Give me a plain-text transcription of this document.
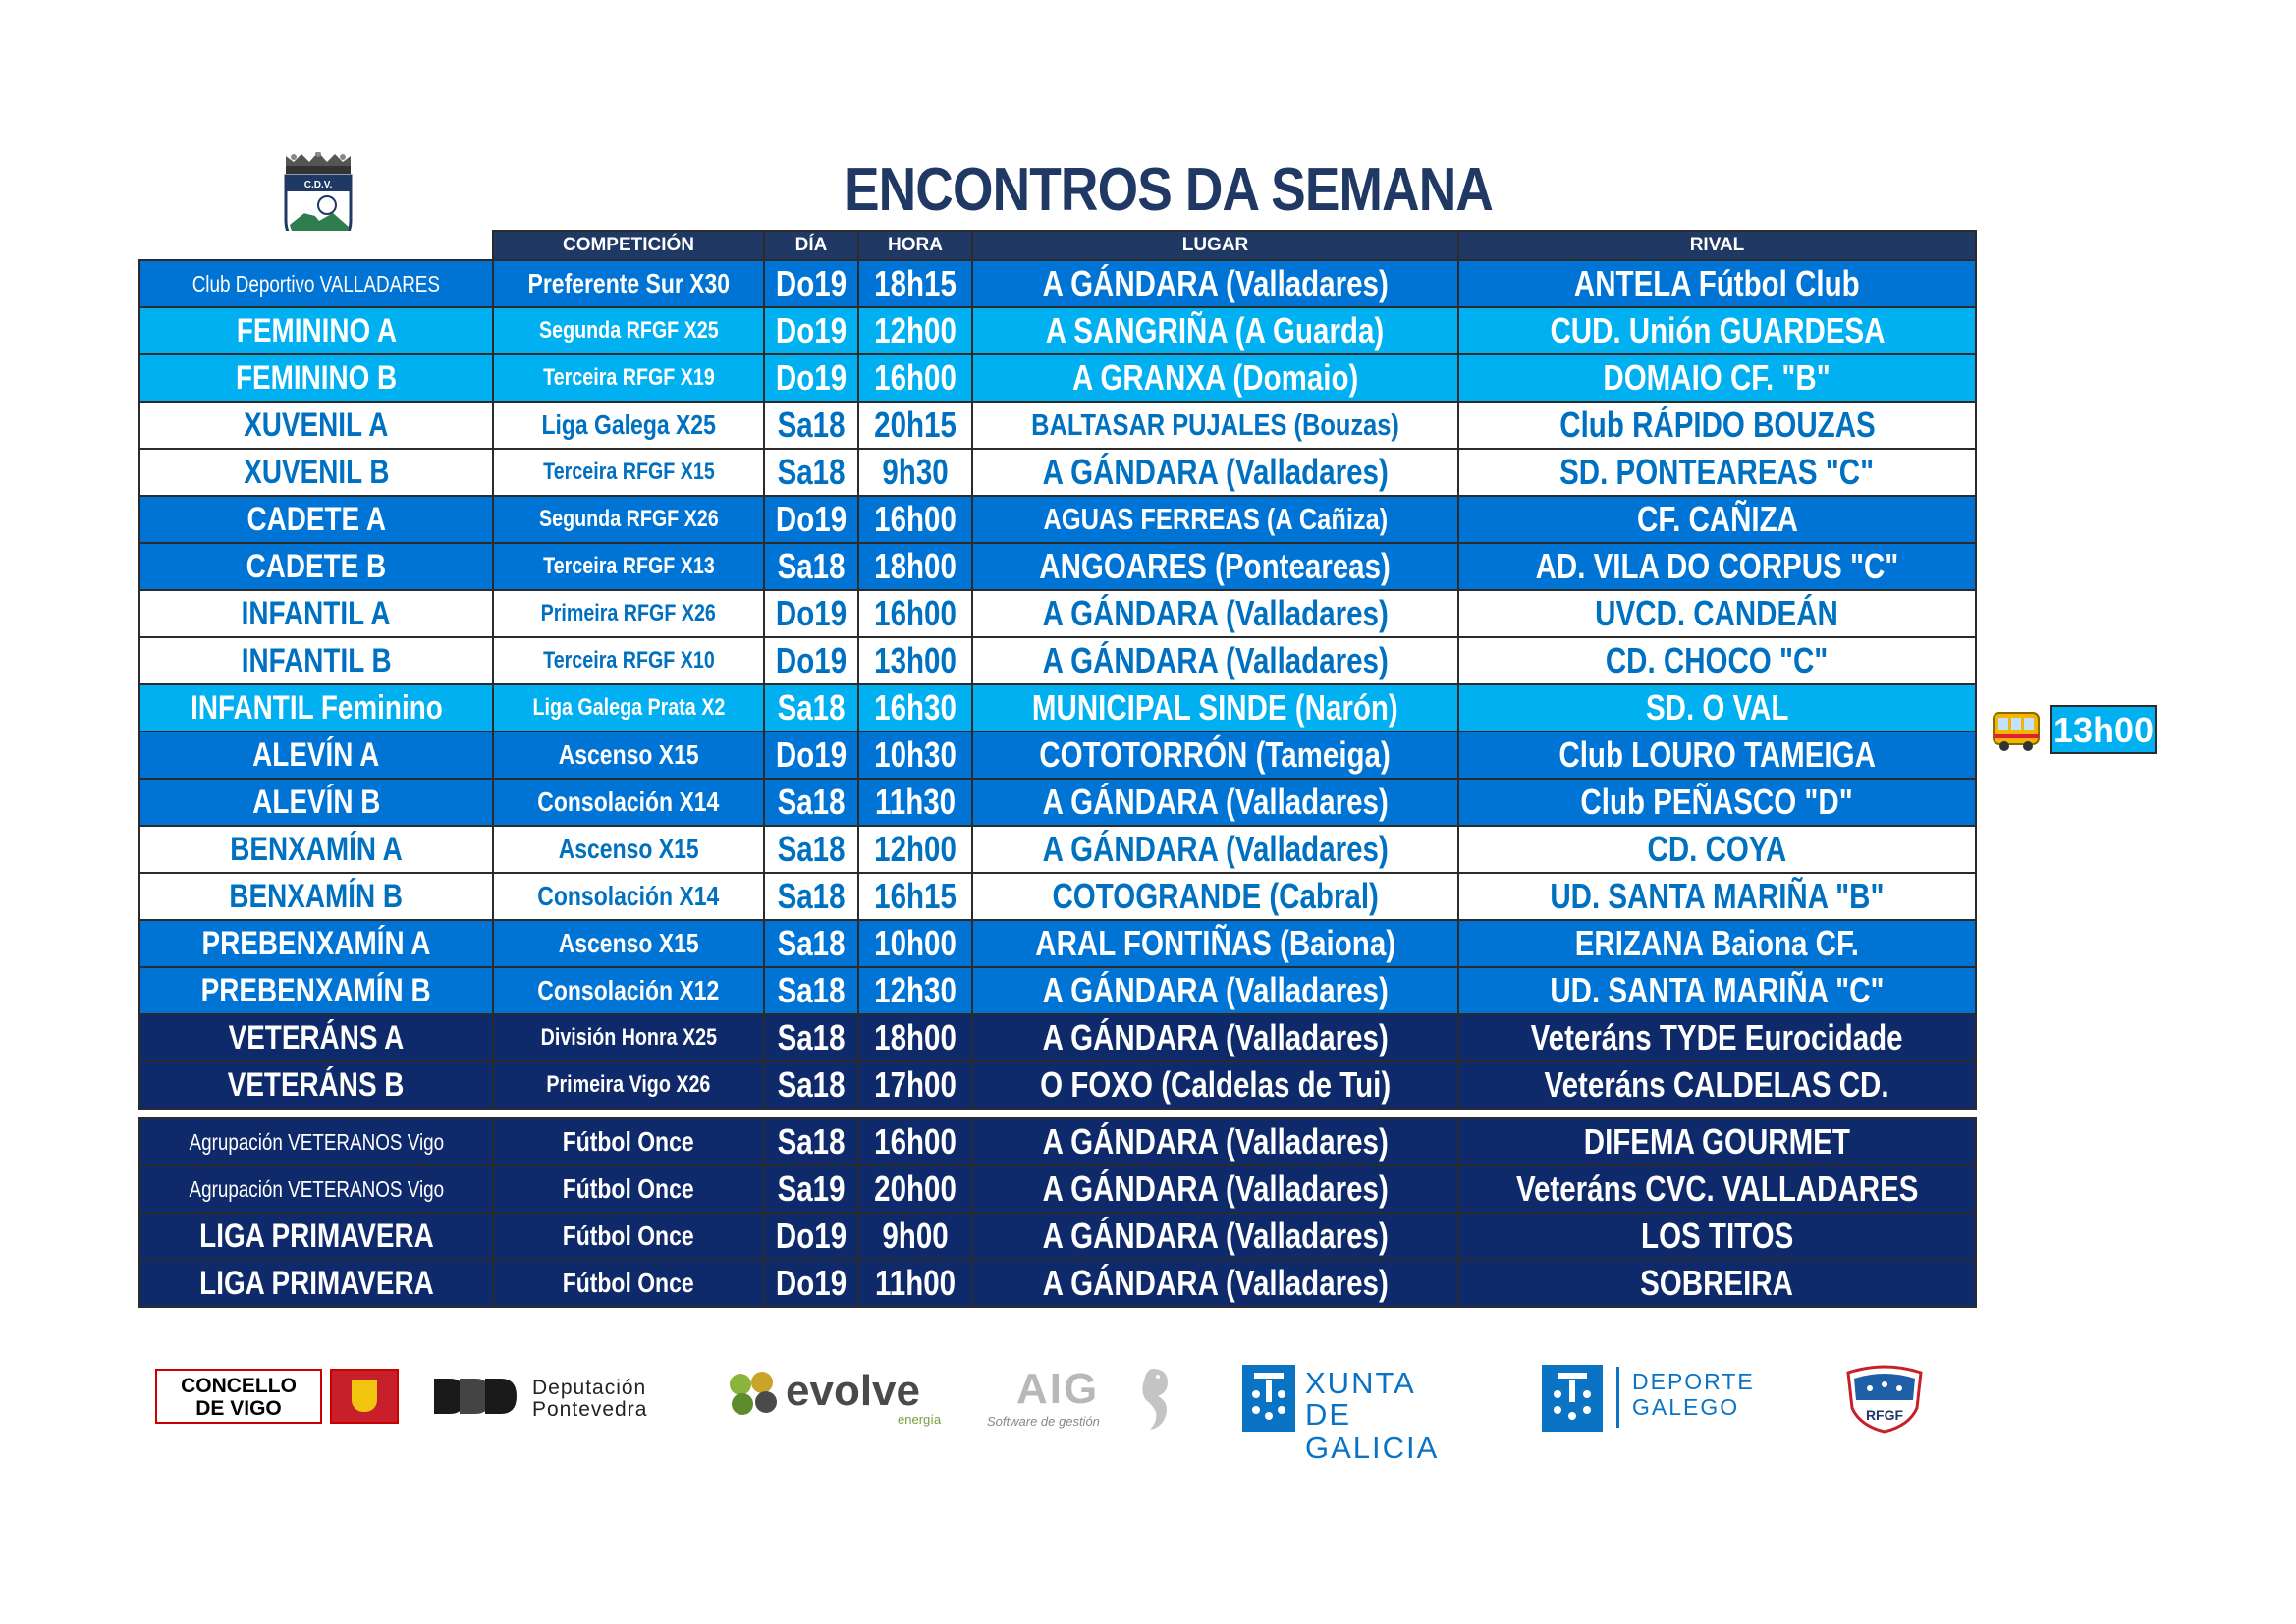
C.D.V.	ENCONTROS DA SEMANA
	COMPETICIÓN	DÍA	HORA	LUGAR	RIVAL
Club Deportivo VALLADARES	Preferente Sur X30	Do19	18h15	A GÁNDARA (Valladares)	ANTELA Fútbol Club
FEMININO A	Segunda RFGF X25	Do19	12h00	A SANGRIÑA (A Guarda)	CUD. Unión GUARDESA
FEMININO B	Terceira RFGF X19	Do19	16h00	A GRANXA (Domaio)	DOMAIO CF. "B"
XUVENIL A	Liga Galega X25	Sa18	20h15	BALTASAR PUJALES (Bouzas)	Club RÁPIDO BOUZAS
XUVENIL B	Terceira RFGF X15	Sa18	9h30	A GÁNDARA (Valladares)	SD. PONTEAREAS "C"
CADETE A	Segunda RFGF X26	Do19	16h00	AGUAS FERREAS (A Cañiza)	CF. CAÑIZA
CADETE B	Terceira RFGF X13	Sa18	18h00	ANGOARES (Ponteareas)	AD. VILA DO CORPUS "C"
INFANTIL A	Primeira RFGF X26	Do19	16h00	A GÁNDARA (Valladares)	UVCD. CANDEÁN
INFANTIL B	Terceira RFGF X10	Do19	13h00	A GÁNDARA (Valladares)	CD. CHOCO "C"
INFANTIL Feminino	Liga Galega Prata X2	Sa18	16h30	MUNICIPAL SINDE (Narón)	SD. O VAL
ALEVÍN A	Ascenso X15	Do19	10h30	COTOTORRÓN (Tameiga)	Club LOURO TAMEIGA
ALEVÍN B	Consolación X14	Sa18	11h30	A GÁNDARA (Valladares)	Club PEÑASCO "D"
BENXAMÍN A	Ascenso X15	Sa18	12h00	A GÁNDARA (Valladares)	CD. COYA
BENXAMÍN B	Consolación X14	Sa18	16h15	COTOGRANDE (Cabral)	UD. SANTA MARIÑA "B"
PREBENXAMÍN A	Ascenso X15	Sa18	10h00	ARAL FONTIÑAS (Baiona)	ERIZANA Baiona CF.
PREBENXAMÍN B	Consolación X12	Sa18	12h30	A GÁNDARA (Valladares)	UD. SANTA MARIÑA "C"
VETERÁNS A	División Honra X25	Sa18	18h00	A GÁNDARA (Valladares)	Veteráns TYDE Eurocidade
VETERÁNS B	Primeira Vigo X26	Sa18	17h00	O FOXO (Caldelas de Tui)	Veteráns CALDELAS CD.

Agrupación VETERANOS Vigo	Fútbol Once	Sa18	16h00	A GÁNDARA (Valladares)	DIFEMA GOURMET
Agrupación VETERANOS Vigo	Fútbol Once	Sa19	20h00	A GÁNDARA (Valladares)	Veteráns CVC. VALLADARES
LIGA PRIMAVERA	Fútbol Once	Do19	9h00	A GÁNDARA (Valladares)	LOS TITOS
LIGA PRIMAVERA	Fútbol Once	Do19	11h00	A GÁNDARA (Valladares)	SOBREIRA
13h00
CONCELLO
DE VIGO
Deputación
Pontevedra	evolve
energía
AIG
Software de gestión
XUNTA
DE GALICIA
DEPORTE
GALEGO	RFGF
